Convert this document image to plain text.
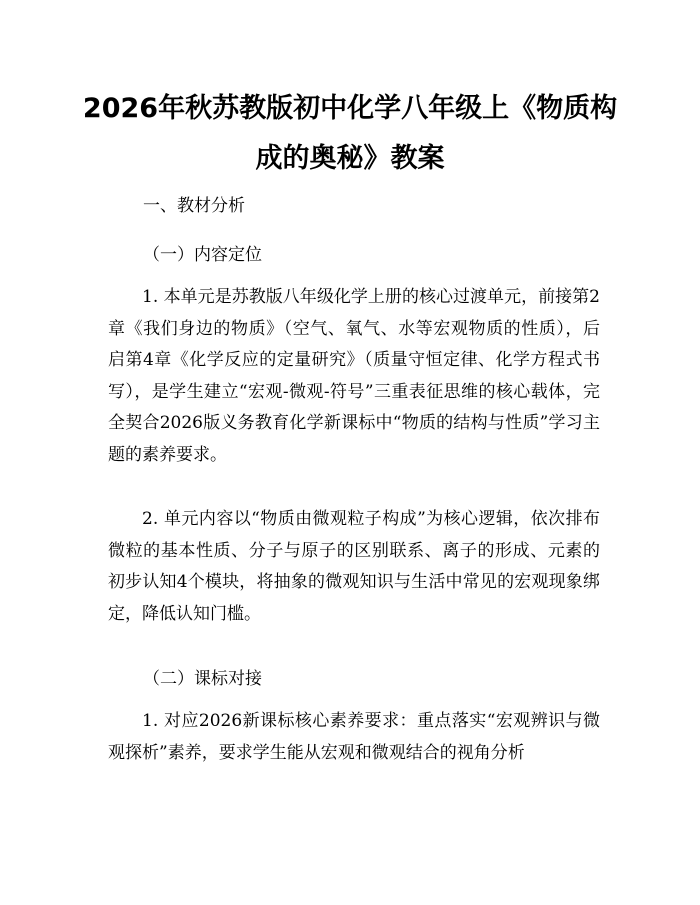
2026年秋苏教版初中化学八年级上《物质构
成的奥秘》教案

一、教材分析

（一）内容定位

1. 本单元是苏教版八年级化学上册的核心过渡单元，前接第2章《我们身边的物质》（空气、氧气、水等宏观物质的性质），后启第4章《化学反应的定量研究》（质量守恒定律、化学方程式书写），是学生建立“宏观-微观-符号”三重表征思维的核心载体，完全契合2026版义务教育化学新课标中“物质的结构与性质”学习主题的素养要求。

2. 单元内容以“物质由微观粒子构成”为核心逻辑，依次排布微粒的基本性质、分子与原子的区别联系、离子的形成、元素的初步认知4个模块，将抽象的微观知识与生活中常见的宏观现象绑定，降低认知门槛。

（二）课标对接

1. 对应2026新课标核心素养要求：重点落实“宏观辨识与微观探析”素养，要求学生能从宏观和微观结合的视角分析
